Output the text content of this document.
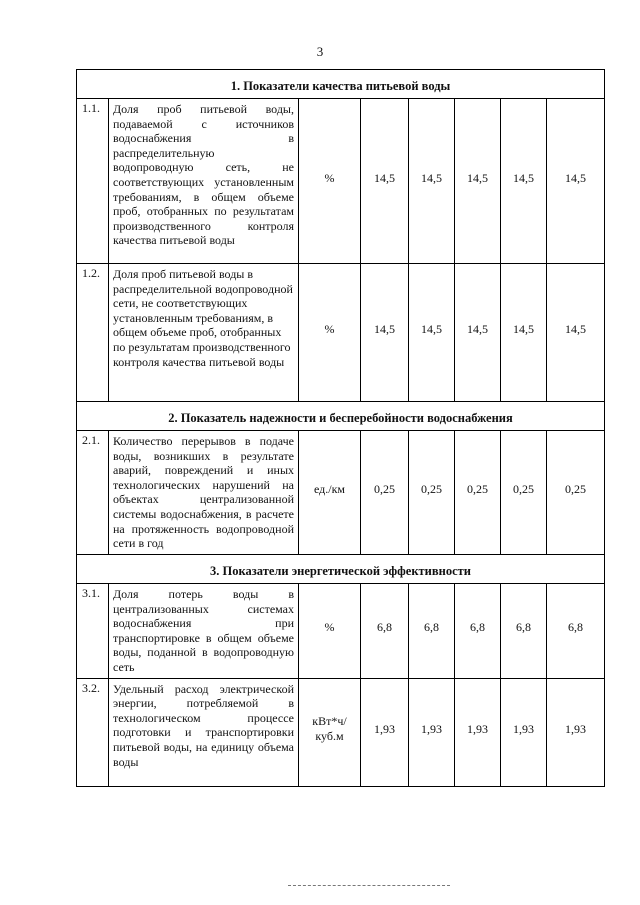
3
1. Показатели качества питьевой воды							
1.1.	Доля проб питьевой воды, подаваемой с источников водоснабжения в распределительную водопроводную сеть, не соответствующих установленным требованиям, в общем объеме проб, отобранных по результатам производственного контроля качества питьевой воды	%	14,5	14,5	14,5	14,5	14,5
1.2.	Доля проб питьевой воды в распределительной водопроводной сети, не соответствующих установленным требованиям, в общем объеме проб, отобранных по результатам производственного контроля качества питьевой воды	%	14,5	14,5	14,5	14,5	14,5
2. Показатель надежности и бесперебойности водоснабжения							
2.1.	Количество перерывов в подаче воды, возникших в результате аварий, повреждений и иных технологических нарушений на объектах централизованной системы водоснабжения, в расчете на протяженность водопроводной сети в год	ед./км	0,25	0,25	0,25	0,25	0,25
3. Показатели энергетической эффективности							
3.1.	Доля потерь воды в централизованных системах водоснабжения при транспортировке в общем объеме воды, поданной в водопроводную сеть	%	6,8	6,8	6,8	6,8	6,8
3.2.	Удельный расход электрической энергии, потребляемой в технологическом процессе подготовки и транспортировки питьевой воды, на единицу объема воды	кВт*ч/ куб.м	1,93	1,93	1,93	1,93	1,93
